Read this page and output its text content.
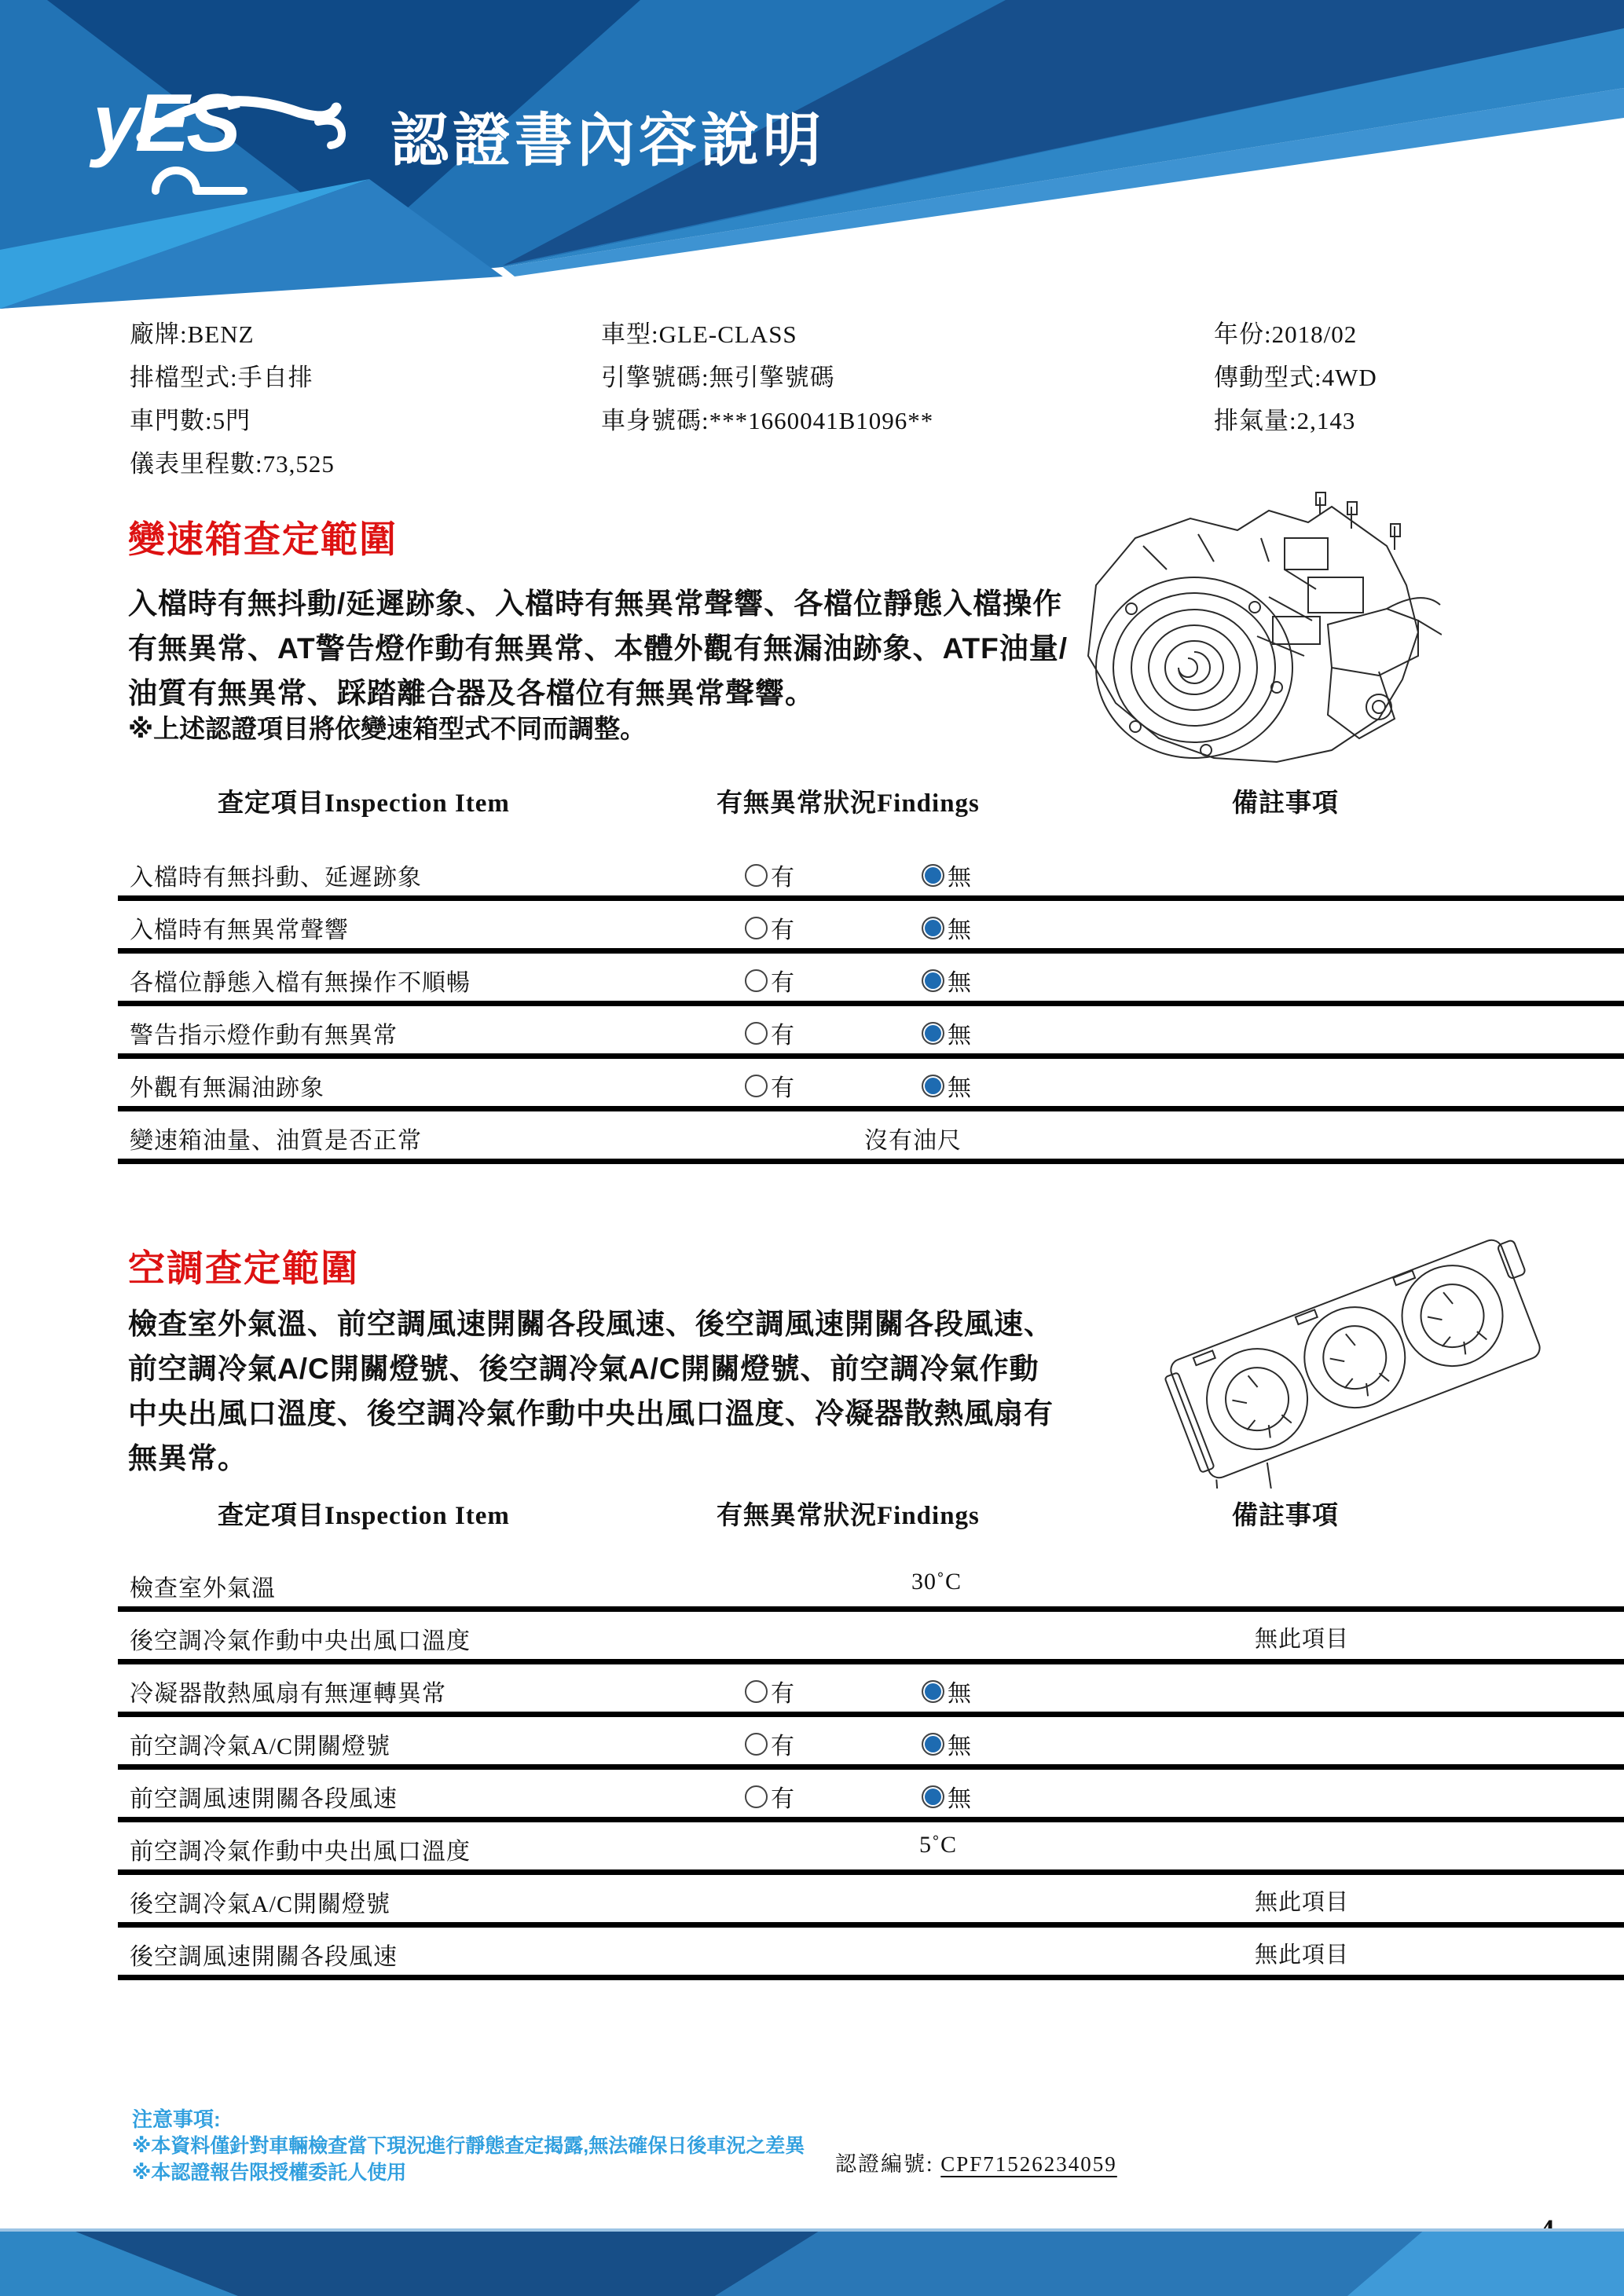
yES	認證書內容說明
廠牌:BENZ	車型:GLE-CLASS	年份:2018/02
排檔型式:手自排	引擎號碼:無引擎號碼	傳動型式:4WD
車門數:5門	車身號碼:***1660041B1096**	排氣量:2,143
儀表里程數:73,525
變速箱查定範圍
入檔時有無抖動/延遲跡象、入檔時有無異常聲響、各檔位靜態入檔操作
有無異常、AT警告燈作動有無異常、本體外觀有無漏油跡象、ATF油量/
油質有無異常、踩踏離合器及各檔位有無異常聲響。
※上述認證項目將依變速箱型式不同而調整。
查定項目Inspection Item	有無異常狀況Findings	備註事項
入檔時有無抖動、延遲跡象	有	無
入檔時有無異常聲響	有	無
各檔位靜態入檔有無操作不順暢	有	無
警告指示燈作動有無異常	有	無
外觀有無漏油跡象	有	無
變速箱油量、油質是否正常	沒有油尺
空調查定範圍
檢查室外氣溫、前空調風速開關各段風速、後空調風速開關各段風速、
前空調冷氣A/C開關燈號、後空調冷氣A/C開關燈號、前空調冷氣作動
中央出風口溫度、後空調冷氣作動中央出風口溫度、冷凝器散熱風扇有
無異常。
查定項目Inspection Item	有無異常狀況Findings	備註事項
檢查室外氣溫	30˚C
後空調冷氣作動中央出風口溫度	無此項目
冷凝器散熱風扇有無運轉異常	有	無
前空調冷氣A/C開關燈號	有	無
前空調風速開關各段風速	有	無
前空調冷氣作動中央出風口溫度	5˚C
後空調冷氣A/C開關燈號	無此項目
後空調風速開關各段風速	無此項目
注意事項:
※本資料僅針對車輛檢查當下現況進行靜態查定揭露,無法確保日後車況之差異
※本認證報告限授權委託人使用	認證編號: CPF71526234059
